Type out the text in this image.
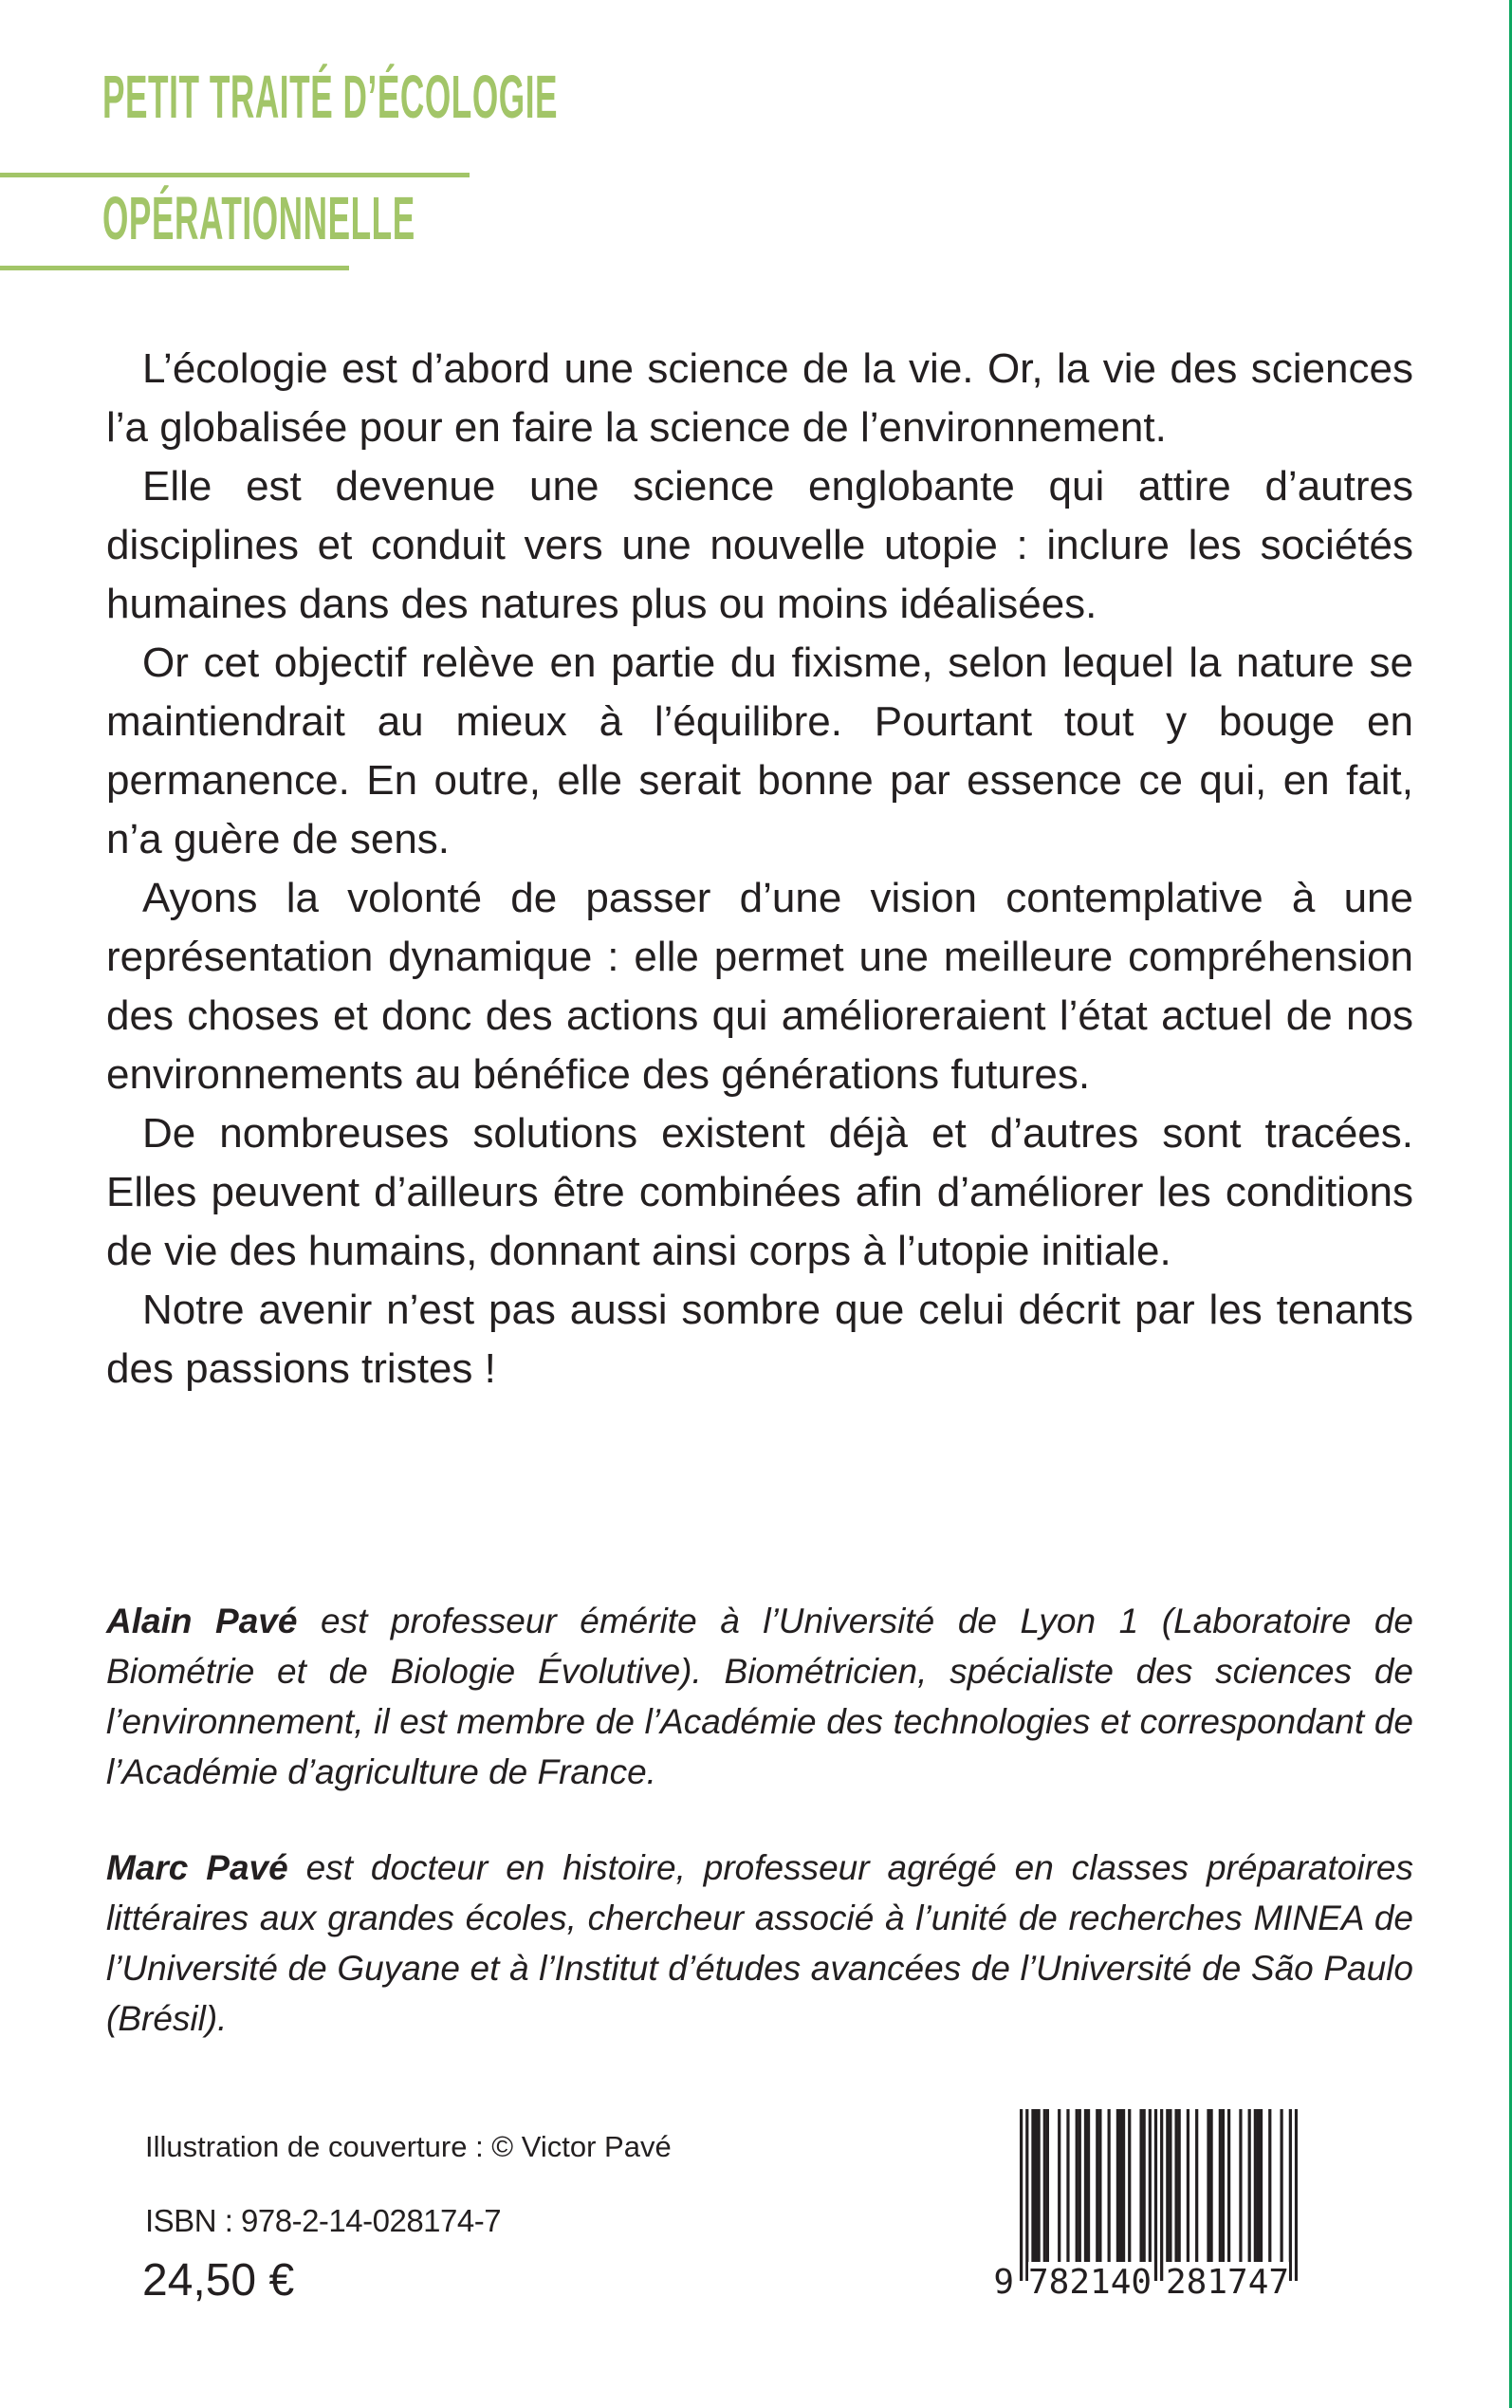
PETIT TRAITÉ D’ÉCOLOGIE
OPÉRATIONNELLE

L’écologie est d’abord une science de la vie. Or, la vie des sciences l’a globalisée pour en faire la science de l’environnement.

Elle est devenue une science englobante qui attire d’autres disciplines et conduit vers une nouvelle utopie : inclure les sociétés humaines dans des natures plus ou moins idéalisées.

Or cet objectif relève en partie du fixisme, selon lequel la nature se maintiendrait au mieux à l’équilibre. Pourtant tout y bouge en permanence. En outre, elle serait bonne par essence ce qui, en fait, n’a guère de sens.

Ayons la volonté de passer d’une vision contemplative à une représentation dynamique : elle permet une meilleure compréhension des choses et donc des actions qui amélioreraient l’état actuel de nos environnements au bénéfice des générations futures.

De nombreuses solutions existent déjà et d’autres sont tracées. Elles peuvent d’ailleurs être combinées afin d’améliorer les conditions de vie des humains, donnant ainsi corps à l’utopie initiale.

Notre avenir n’est pas aussi sombre que celui décrit par les tenants des passions tristes !

Alain Pavé est professeur émérite à l’Université de Lyon 1 (Laboratoire de Biométrie et de Biologie Évolutive). Biométricien, spécialiste des sciences de l’environnement, il est membre de l’Académie des technologies et correspondant de l’Académie d’agriculture de France.

Marc Pavé est docteur en histoire, professeur agrégé en classes préparatoires littéraires aux grandes écoles, chercheur associé à l’unité de recherches MINEA de l’Université de Guyane et à l’Institut d’études avancées de l’Université de São Paulo (Brésil).

Illustration de couverture : © Victor Pavé
ISBN : 978-2-14-028174-7
24,50 €	9 782140 281747
